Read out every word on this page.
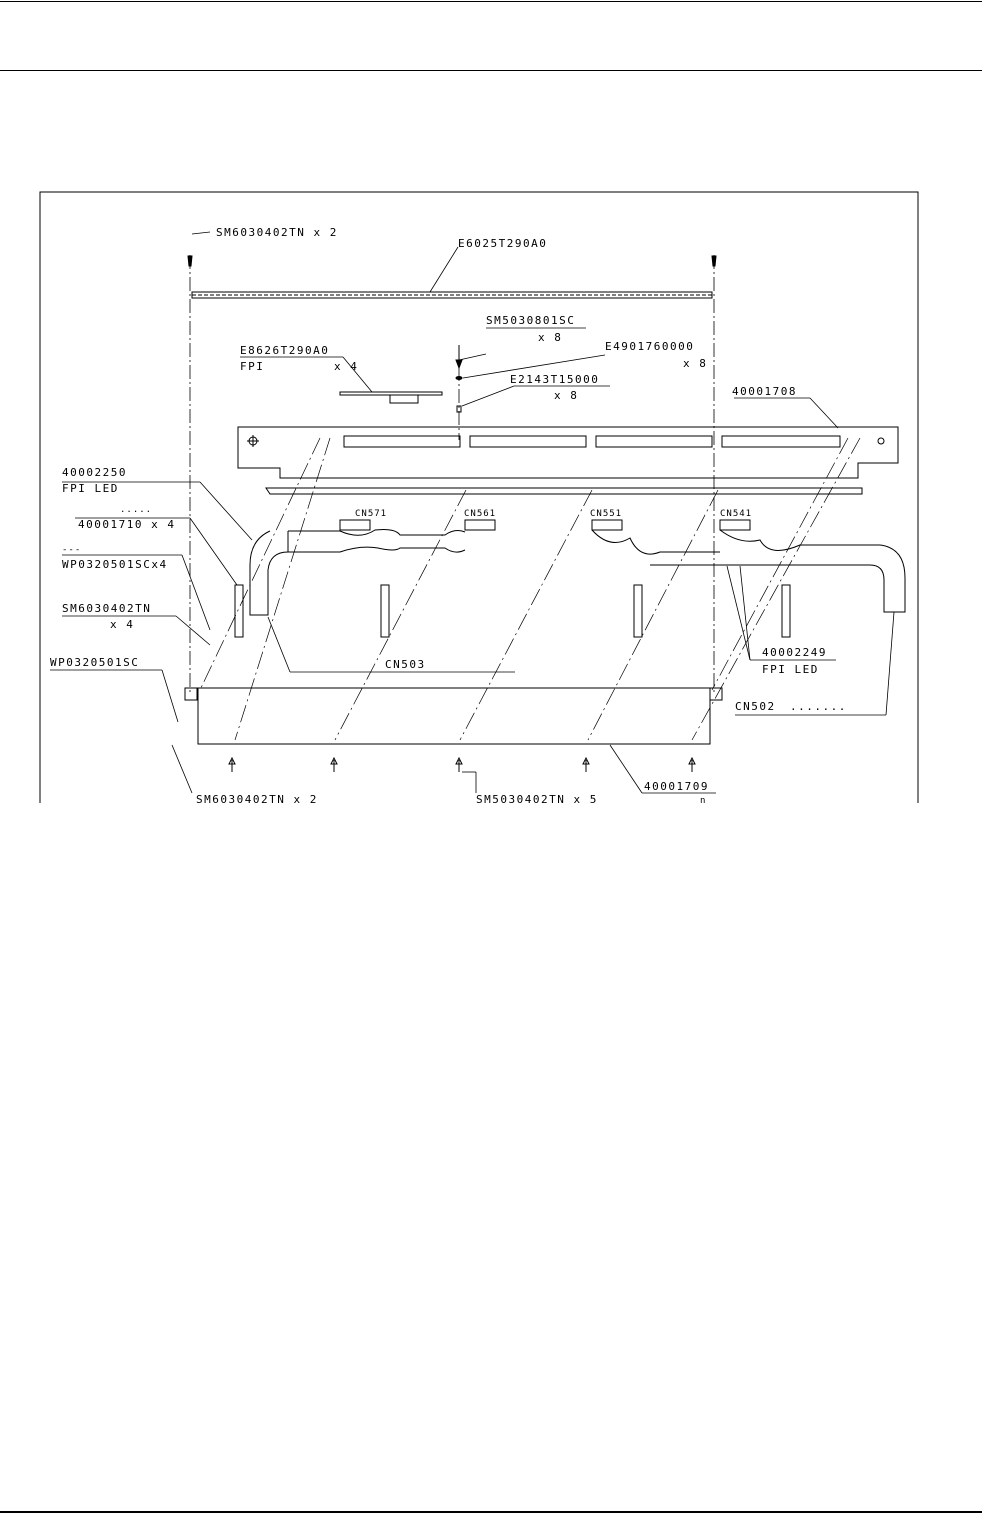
SM6030402TN x 2
E6025T290A0
SM5030801SC
x 8
E4901760000
x 8
E8626T290A0
FPI	x 4
E2143T15000
x 8	40001708
40002250
FPI LED
.....
40001710 x 4
---
WP0320501SCx4
SM6030402TN
x 4
WP0320501SC
CN571	CN561	CN551	CN541
CN503
40002249
FPI LED
CN502 .......
SM6030402TN x 2	SM5030402TN x 5
40001709
n
